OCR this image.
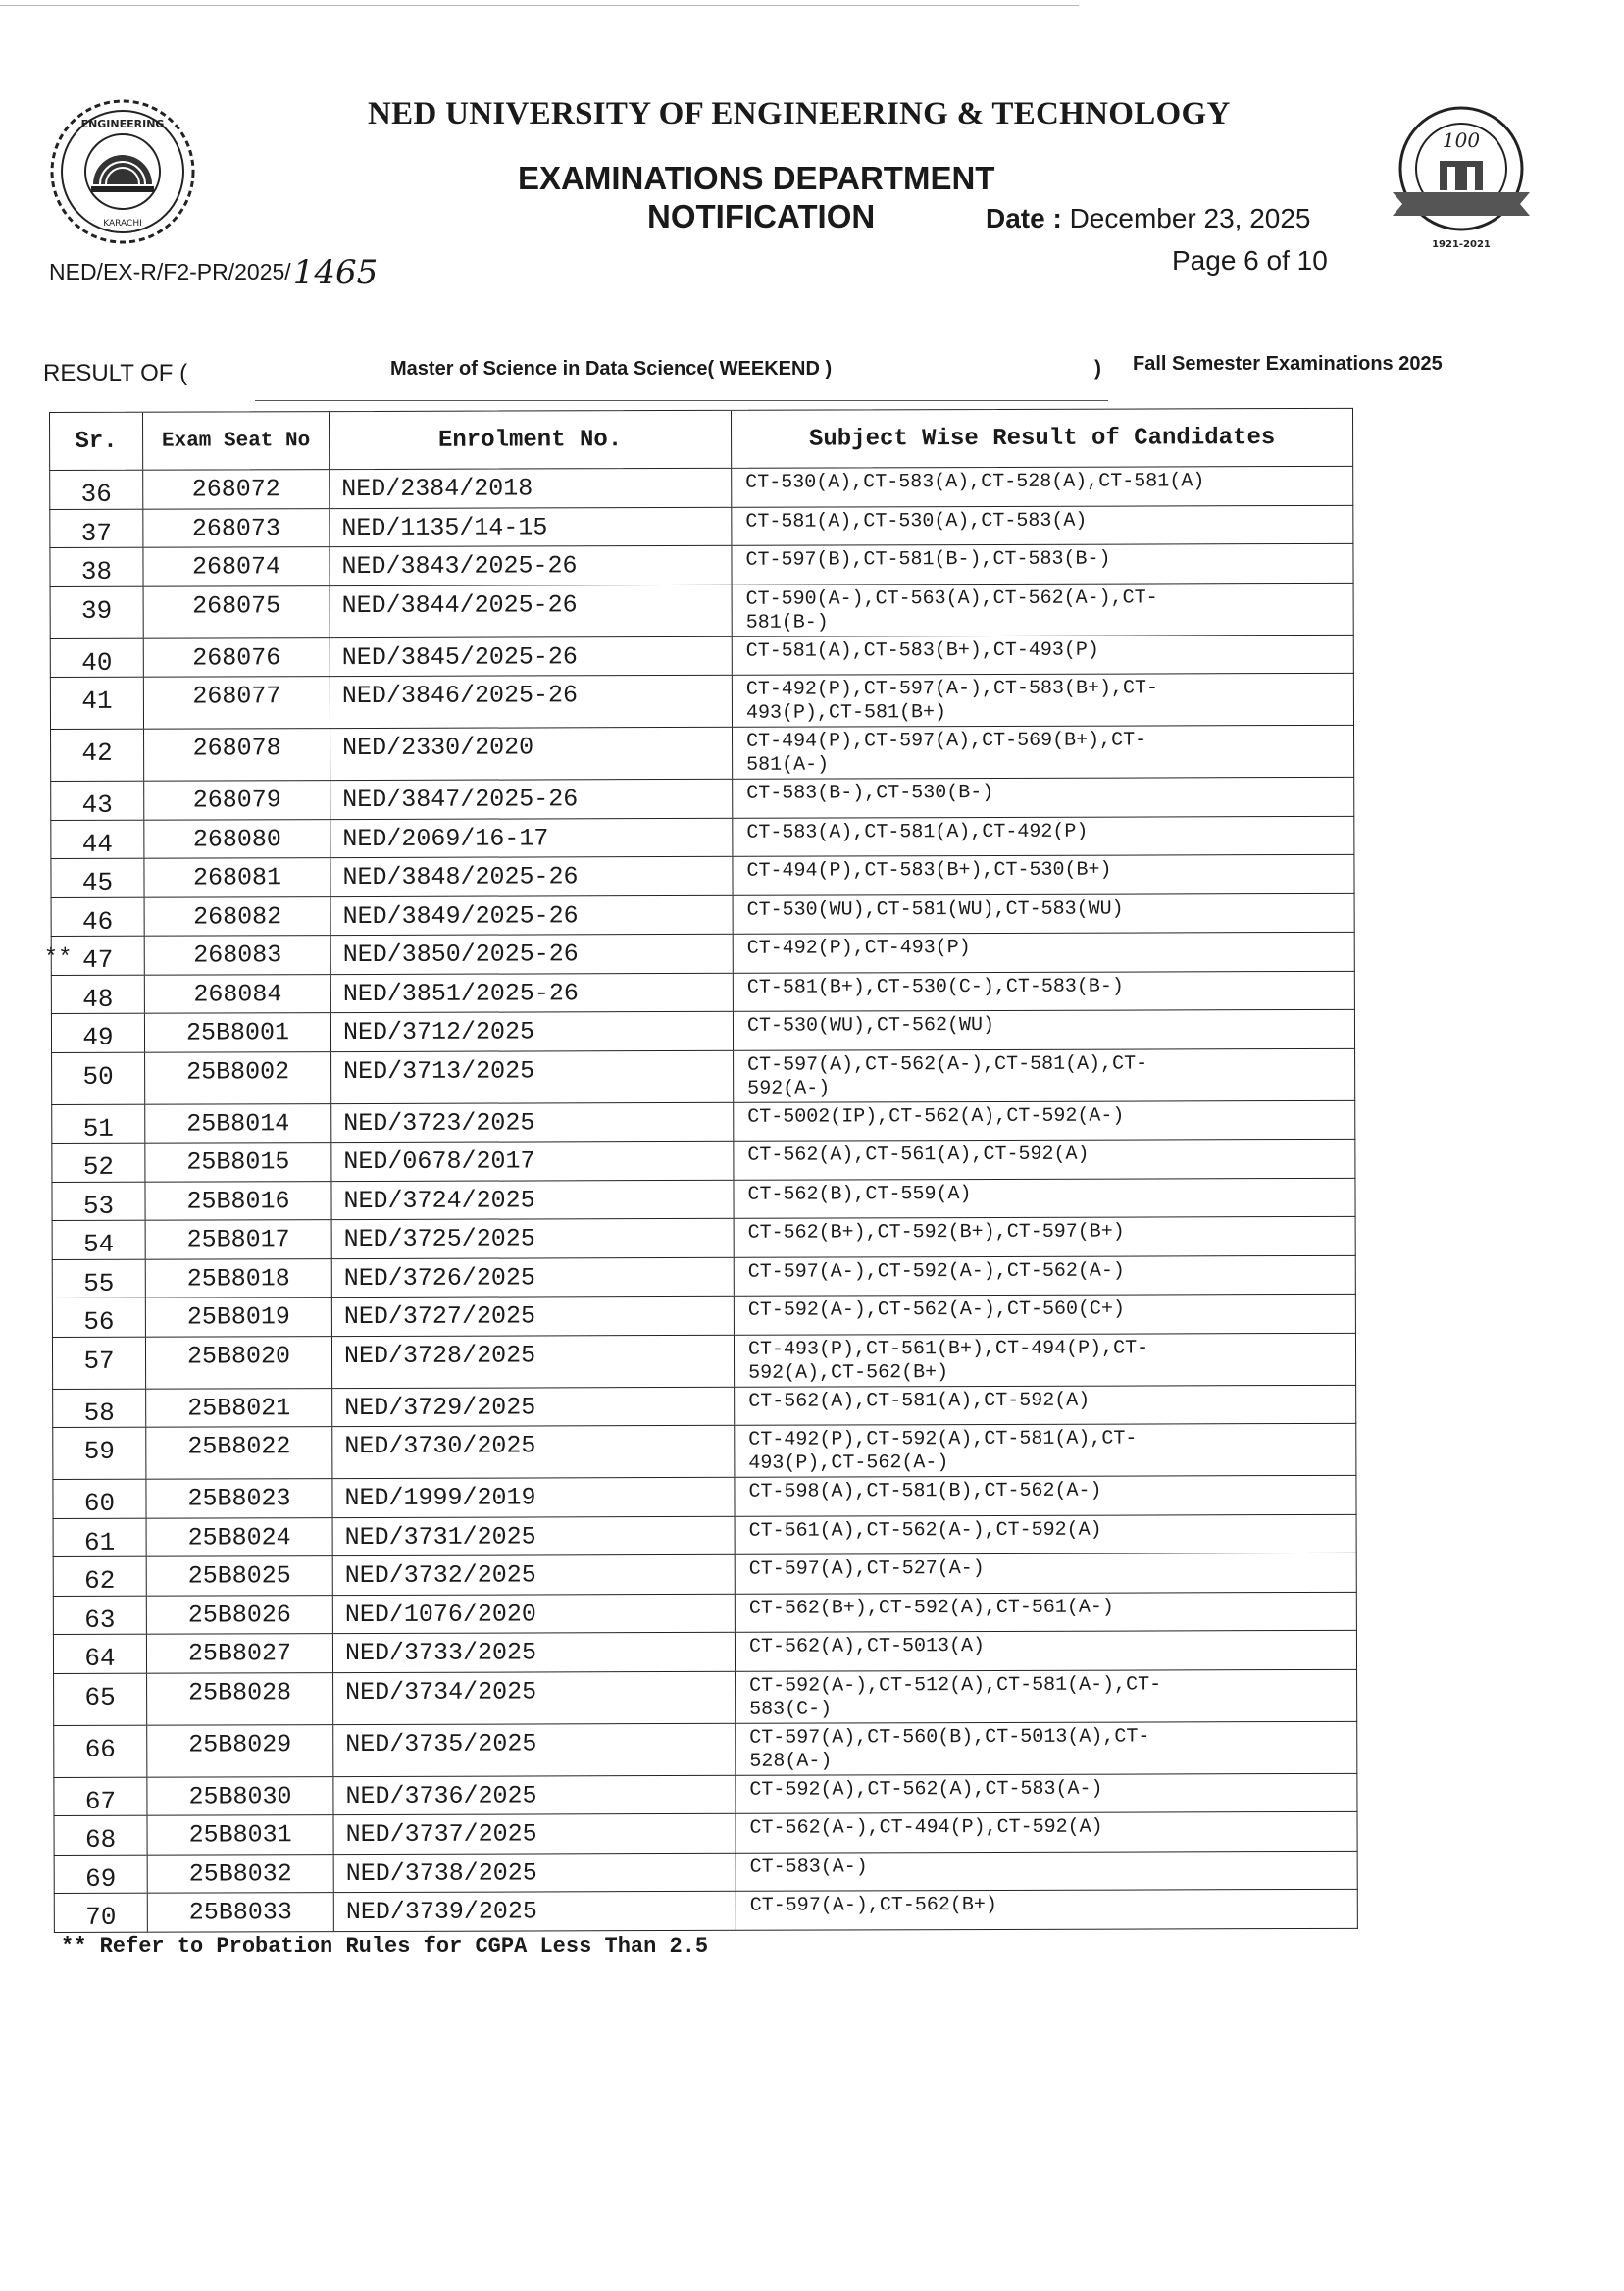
ENGINEERING
KARACHI
100
1921-2021
NED UNIVERSITY OF ENGINEERING & TECHNOLOGY
EXAMINATIONS DEPARTMENT
NOTIFICATION	Date : December 23, 2025
Page 6 of 10
NED/EX-R/F2-PR/2025/1465
RESULT OF (	Master of Science in Data Science( WEEKEND )	) Fall Semester Examinations 2025
Sr.	Exam Seat No	Enrolment No.	Subject Wise Result of Candidates
36	268072	NED/2384/2018	CT-530(A),CT-583(A),CT-528(A),CT-581(A)
37	268073	NED/1135/14-15	CT-581(A),CT-530(A),CT-583(A)
38	268074	NED/3843/2025-26	CT-597(B),CT-581(B-),CT-583(B-)
39	268075	NED/3844/2025-26	CT-590(A-),CT-563(A),CT-562(A-),CT-
581(B-)
40	268076	NED/3845/2025-26	CT-581(A),CT-583(B+),CT-493(P)
41	268077	NED/3846/2025-26	CT-492(P),CT-597(A-),CT-583(B+),CT-
493(P),CT-581(B+)
42	268078	NED/2330/2020	CT-494(P),CT-597(A),CT-569(B+),CT-
581(A-)
43	268079	NED/3847/2025-26	CT-583(B-),CT-530(B-)
44	268080	NED/2069/16-17	CT-583(A),CT-581(A),CT-492(P)
45	268081	NED/3848/2025-26	CT-494(P),CT-583(B+),CT-530(B+)
46	268082	NED/3849/2025-26	CT-530(WU),CT-581(WU),CT-583(WU)
** 47	268083	NED/3850/2025-26	CT-492(P),CT-493(P)
48	268084	NED/3851/2025-26	CT-581(B+),CT-530(C-),CT-583(B-)
49	25B8001	NED/3712/2025	CT-530(WU),CT-562(WU)
50	25B8002	NED/3713/2025	CT-597(A),CT-562(A-),CT-581(A),CT-
592(A-)
51	25B8014	NED/3723/2025	CT-5002(IP),CT-562(A),CT-592(A-)
52	25B8015	NED/0678/2017	CT-562(A),CT-561(A),CT-592(A)
53	25B8016	NED/3724/2025	CT-562(B),CT-559(A)
54	25B8017	NED/3725/2025	CT-562(B+),CT-592(B+),CT-597(B+)
55	25B8018	NED/3726/2025	CT-597(A-),CT-592(A-),CT-562(A-)
56	25B8019	NED/3727/2025	CT-592(A-),CT-562(A-),CT-560(C+)
57	25B8020	NED/3728/2025	CT-493(P),CT-561(B+),CT-494(P),CT-
592(A),CT-562(B+)
58	25B8021	NED/3729/2025	CT-562(A),CT-581(A),CT-592(A)
59	25B8022	NED/3730/2025	CT-492(P),CT-592(A),CT-581(A),CT-
493(P),CT-562(A-)
60	25B8023	NED/1999/2019	CT-598(A),CT-581(B),CT-562(A-)
61	25B8024	NED/3731/2025	CT-561(A),CT-562(A-),CT-592(A)
62	25B8025	NED/3732/2025	CT-597(A),CT-527(A-)
63	25B8026	NED/1076/2020	CT-562(B+),CT-592(A),CT-561(A-)
64	25B8027	NED/3733/2025	CT-562(A),CT-5013(A)
65	25B8028	NED/3734/2025	CT-592(A-),CT-512(A),CT-581(A-),CT-
583(C-)
66	25B8029	NED/3735/2025	CT-597(A),CT-560(B),CT-5013(A),CT-
528(A-)
67	25B8030	NED/3736/2025	CT-592(A),CT-562(A),CT-583(A-)
68	25B8031	NED/3737/2025	CT-562(A-),CT-494(P),CT-592(A)
69	25B8032	NED/3738/2025	CT-583(A-)
70	25B8033	NED/3739/2025	CT-597(A-),CT-562(B+)
** Refer to Probation Rules for CGPA Less Than 2.5
